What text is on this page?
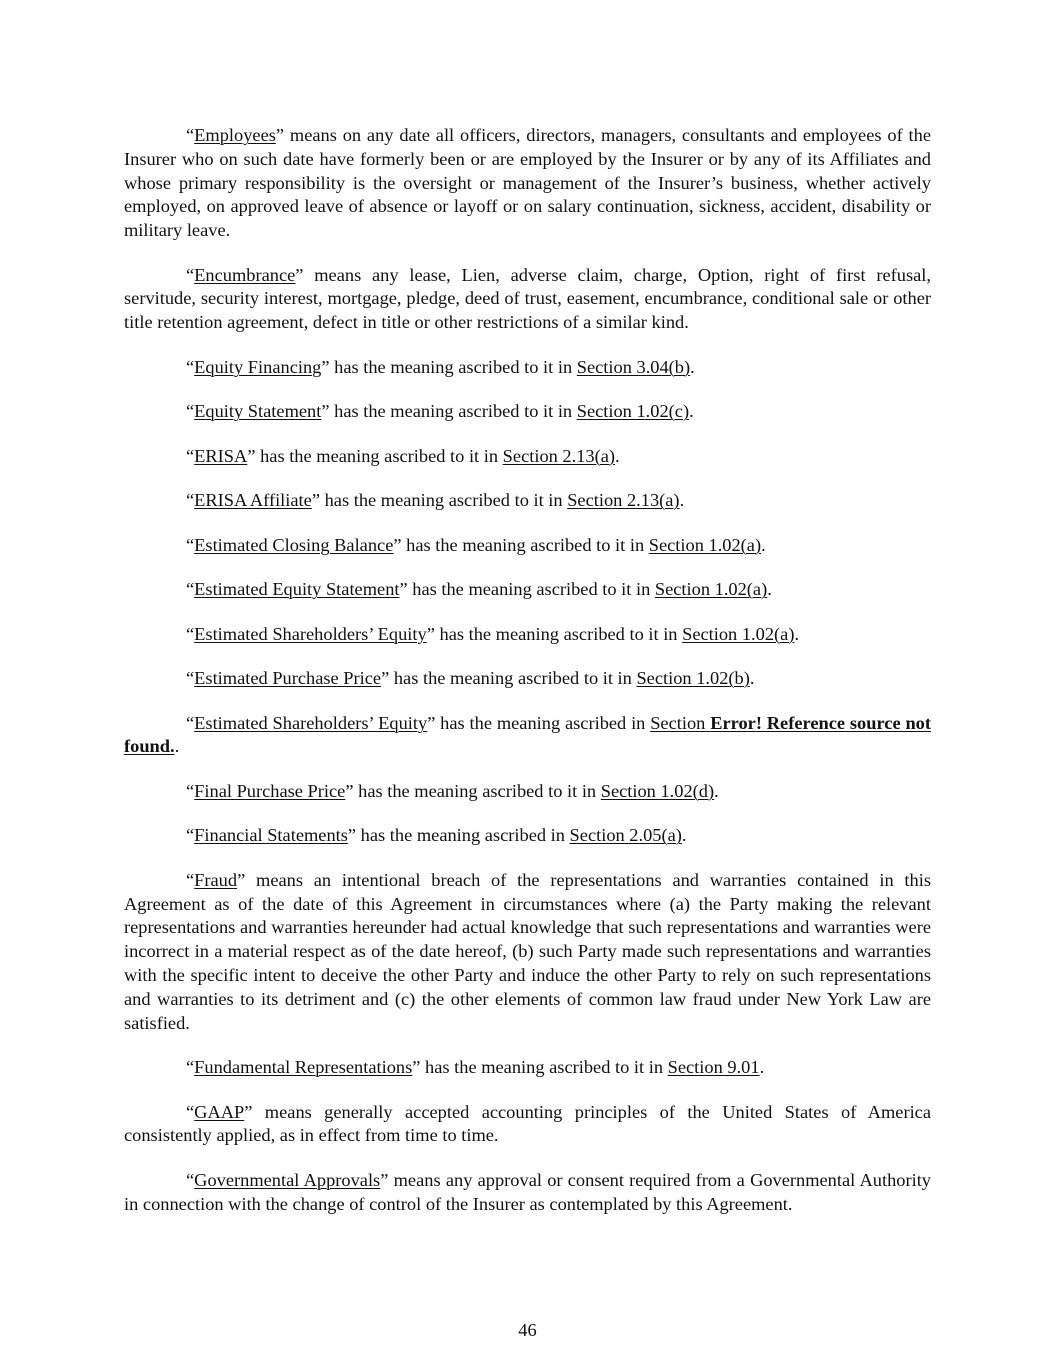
“Employees” means on any date all officers, directors, managers, consultants and employees of the Insurer who on such date have formerly been or are employed by the Insurer or by any of its Affiliates and whose primary responsibility is the oversight or management of the Insurer’s business, whether actively employed, on approved leave of absence or layoff or on salary continuation, sickness, accident, disability or military leave.

“Encumbrance” means any lease, Lien, adverse claim, charge, Option, right of first refusal, servitude, security interest, mortgage, pledge, deed of trust, easement, encumbrance, conditional sale or other title retention agreement, defect in title or other restrictions of a similar kind.

“Equity Financing” has the meaning ascribed to it in Section 3.04(b).

“Equity Statement” has the meaning ascribed to it in Section 1.02(c).

“ERISA” has the meaning ascribed to it in Section 2.13(a).

“ERISA Affiliate” has the meaning ascribed to it in Section 2.13(a).

“Estimated Closing Balance” has the meaning ascribed to it in Section 1.02(a).

“Estimated Equity Statement” has the meaning ascribed to it in Section 1.02(a).

“Estimated Shareholders’ Equity” has the meaning ascribed to it in Section 1.02(a).

“Estimated Purchase Price” has the meaning ascribed to it in Section 1.02(b).

“Estimated Shareholders’ Equity” has the meaning ascribed in Section Error! Reference source not found..

“Final Purchase Price” has the meaning ascribed to it in Section 1.02(d).

“Financial Statements” has the meaning ascribed in Section 2.05(a).

“Fraud” means an intentional breach of the representations and warranties contained in this Agreement as of the date of this Agreement in circumstances where (a) the Party making the relevant representations and warranties hereunder had actual knowledge that such representations and warranties were incorrect in a material respect as of the date hereof, (b) such Party made such representations and warranties with the specific intent to deceive the other Party and induce the other Party to rely on such representations and warranties to its detriment and (c) the other elements of common law fraud under New York Law are satisfied.

“Fundamental Representations” has the meaning ascribed to it in Section 9.01.

“GAAP” means generally accepted accounting principles of the United States of America consistently applied, as in effect from time to time.

“Governmental Approvals” means any approval or consent required from a Governmental Authority in connection with the change of control of the Insurer as contemplated by this Agreement.

46
